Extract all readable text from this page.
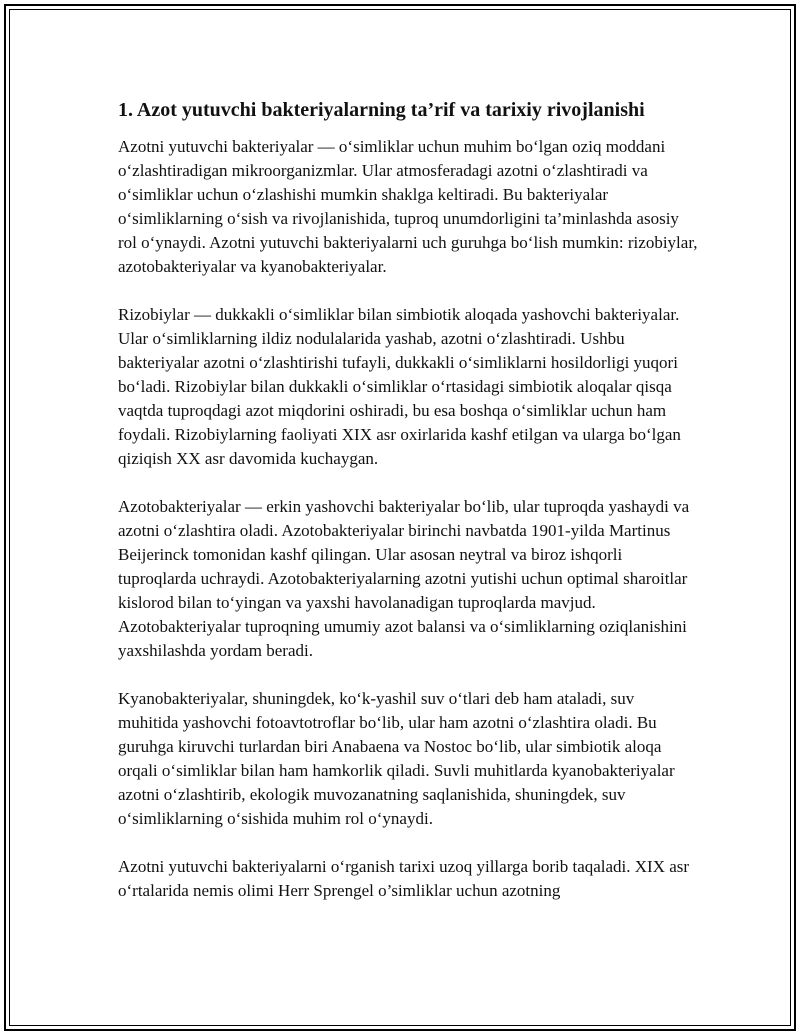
1. Azot yutuvchi bakteriyalarning ta’rif va tarixiy rivojlanishi

Azotni yutuvchi bakteriyalar — o‘simliklar uchun muhim bo‘lgan oziq moddani o‘zlashtiradigan mikroorganizmlar. Ular atmosferadagi azotni o‘zlashtiradi va o‘simliklar uchun o‘zlashishi mumkin shaklga keltiradi. Bu bakteriyalar o‘simliklarning o‘sish va rivojlanishida, tuproq unumdorligini ta’minlashda asosiy rol o‘ynaydi. Azotni yutuvchi bakteriyalarni uch guruhga bo‘lish mumkin: rizobiylar, azotobakteriyalar va kyanobakteriyalar.

Rizobiylar — dukkakli o‘simliklar bilan simbiotik aloqada yashovchi bakteriyalar. Ular o‘simliklarning ildiz nodulalarida yashab, azotni o‘zlashtiradi. Ushbu bakteriyalar azotni o‘zlashtirishi tufayli, dukkakli o‘simliklarni hosildorligi yuqori bo‘ladi. Rizobiylar bilan dukkakli o‘simliklar o‘rtasidagi simbiotik aloqalar qisqa vaqtda tuproqdagi azot miqdorini oshiradi, bu esa boshqa o‘simliklar uchun ham foydali. Rizobiylarning faoliyati XIX asr oxirlarida kashf etilgan va ularga bo‘lgan qiziqish XX asr davomida kuchaygan.

Azotobakteriyalar — erkin yashovchi bakteriyalar bo‘lib, ular tuproqda yashaydi va azotni o‘zlashtira oladi. Azotobakteriyalar birinchi navbatda 1901-yilda Martinus Beijerinck tomonidan kashf qilingan. Ular asosan neytral va biroz ishqorli tuproqlarda uchraydi. Azotobakteriyalarning azotni yutishi uchun optimal sharoitlar kislorod bilan to‘yingan va yaxshi havolanadigan tuproqlarda mavjud. Azotobakteriyalar tuproqning umumiy azot balansi va o‘simliklarning oziqlanishini yaxshilashda yordam beradi.

Kyanobakteriyalar, shuningdek, ko‘k-yashil suv o‘tlari deb ham ataladi, suv muhitida yashovchi fotoavtotroflar bo‘lib, ular ham azotni o‘zlashtira oladi. Bu guruhga kiruvchi turlardan biri Anabaena va Nostoc bo‘lib, ular simbiotik aloqa orqali o‘simliklar bilan ham hamkorlik qiladi. Suvli muhitlarda kyanobakteriyalar azotni o‘zlashtirib, ekologik muvozanatning saqlanishida, shuningdek, suv o‘simliklarning o‘sishida muhim rol o‘ynaydi.

Azotni yutuvchi bakteriyalarni o‘rganish tarixi uzoq yillarga borib taqaladi. XIX asr o‘rtalarida nemis olimi Herr Sprengel o’simliklar uchun azotning
